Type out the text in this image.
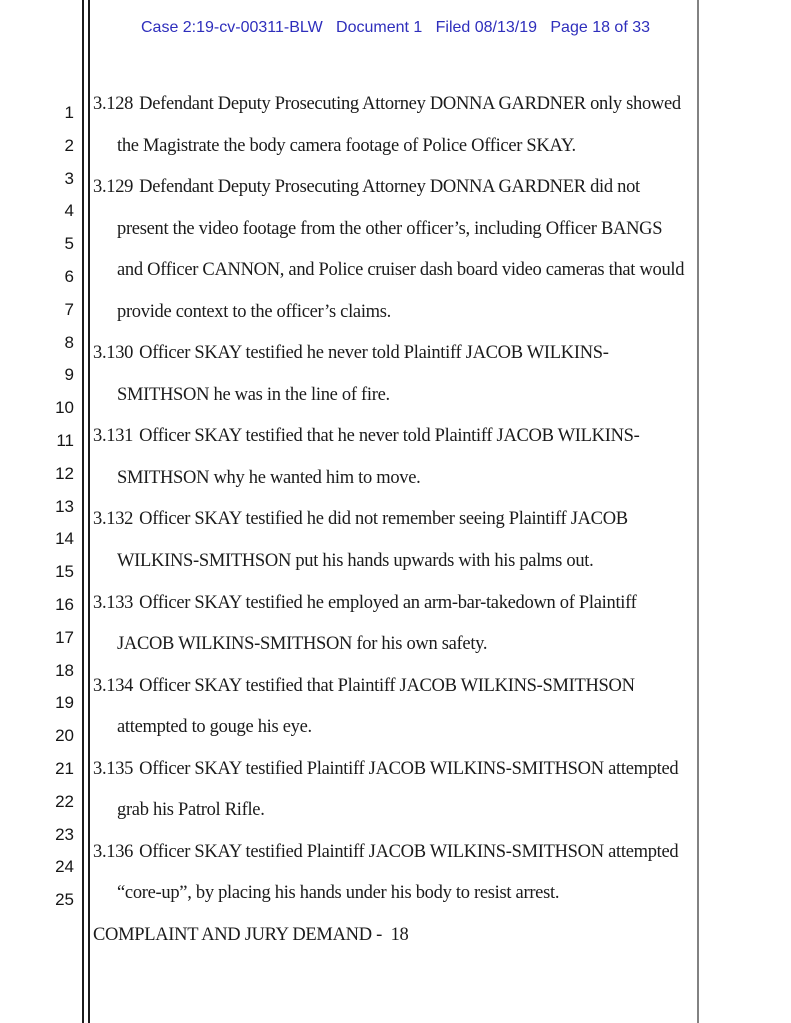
Case 2:19-cv-00311-BLW   Document 1   Filed 08/13/19   Page 18 of 33
1
2
3
4
5
6
7
8
9
10
11
12
13
14
15
16
17
18
19
20
21
22
23
24
25
3.128 Defendant Deputy Prosecuting Attorney DONNA GARDNER only showed
the Magistrate the body camera footage of Police Officer SKAY.
3.129 Defendant Deputy Prosecuting Attorney DONNA GARDNER did not
present the video footage from the other officer’s, including Officer BANGS
and Officer CANNON, and Police cruiser dash board video cameras that would
provide context to the officer’s claims.
3.130 Officer SKAY testified he never told Plaintiff JACOB WILKINS-
SMITHSON he was in the line of fire.
3.131 Officer SKAY testified that he never told Plaintiff JACOB WILKINS-
SMITHSON why he wanted him to move.
3.132 Officer SKAY testified he did not remember seeing Plaintiff JACOB
WILKINS-SMITHSON put his hands upwards with his palms out.
3.133 Officer SKAY testified he employed an arm-bar-takedown of Plaintiff
JACOB WILKINS-SMITHSON for his own safety.
3.134 Officer SKAY testified that Plaintiff JACOB WILKINS-SMITHSON
attempted to gouge his eye.
3.135 Officer SKAY testified Plaintiff JACOB WILKINS-SMITHSON attempted
grab his Patrol Rifle.
3.136 Officer SKAY testified Plaintiff JACOB WILKINS-SMITHSON attempted
“core-up”, by placing his hands under his body to resist arrest.
COMPLAINT AND JURY DEMAND -  18
